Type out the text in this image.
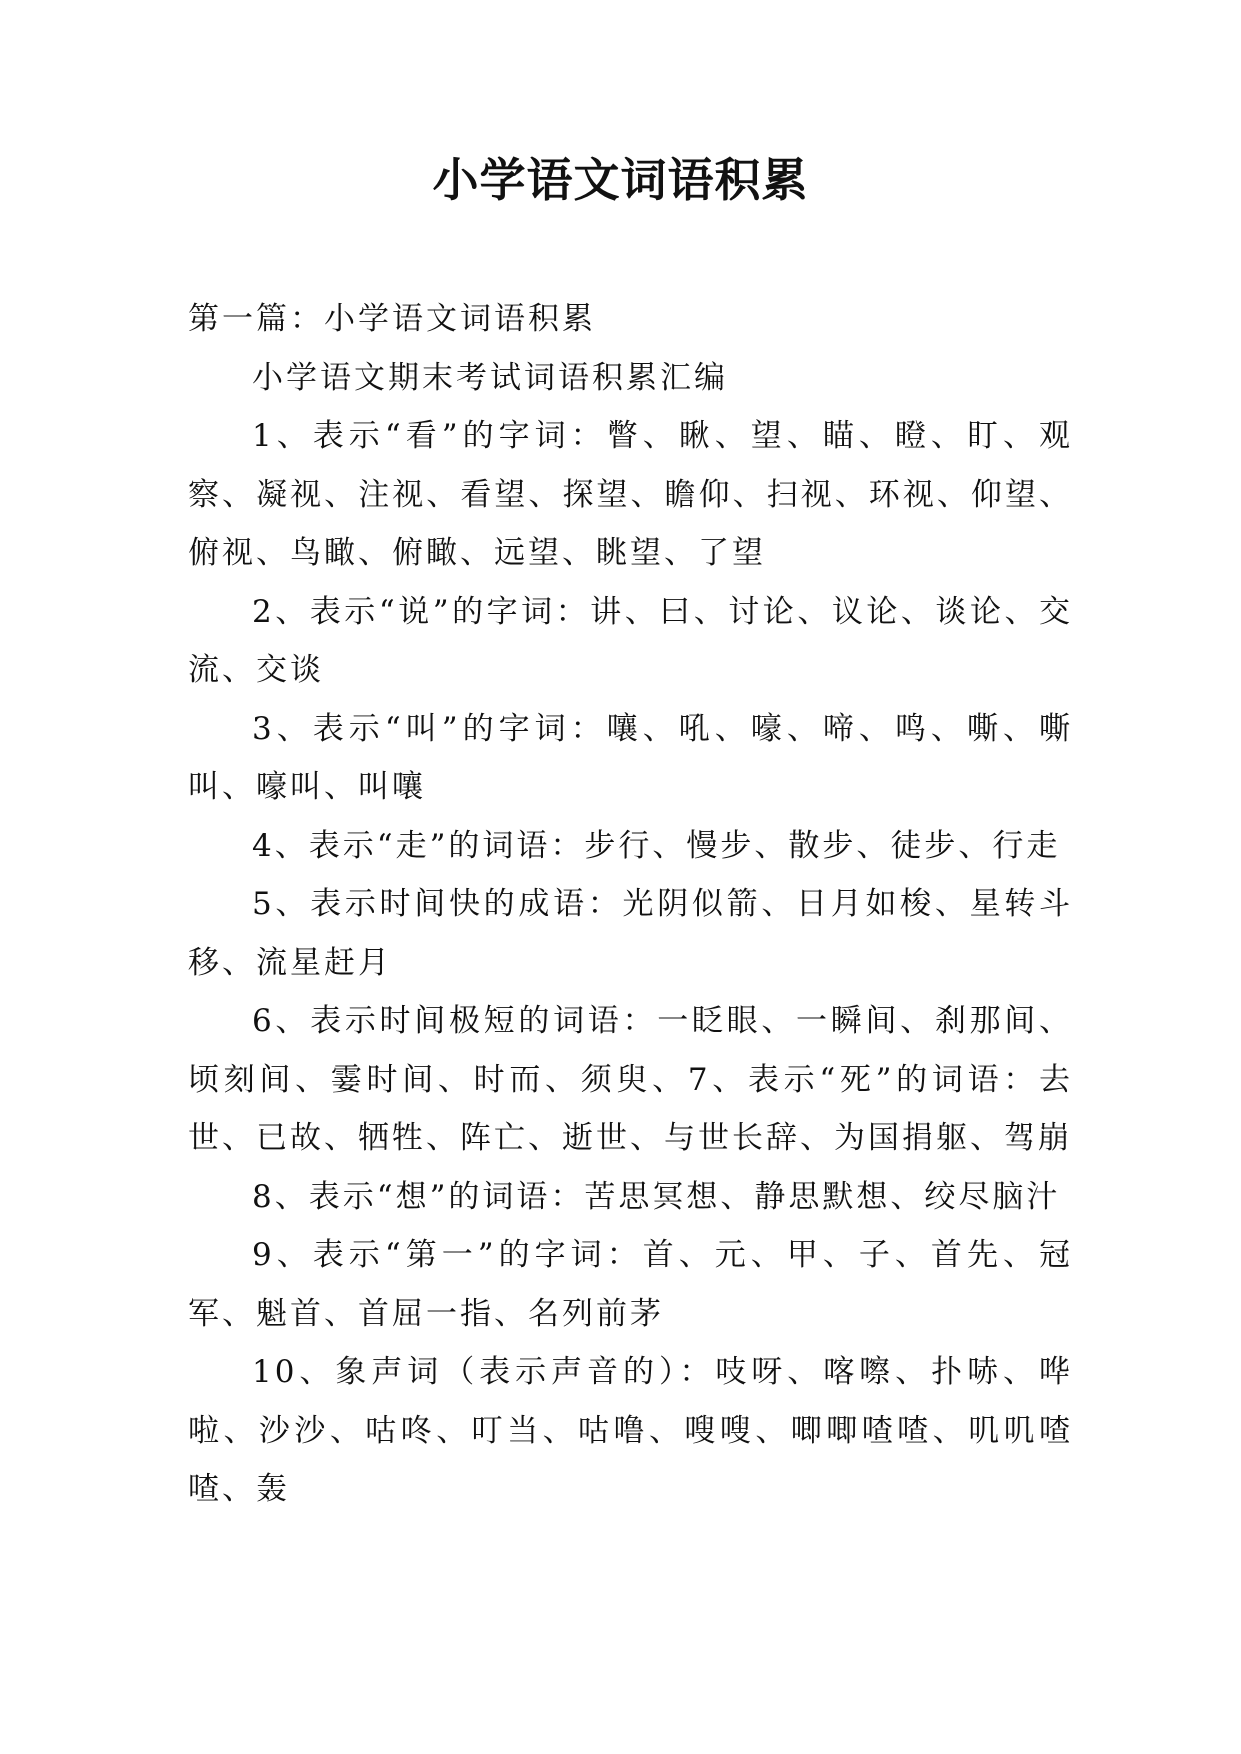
小学语文词语积累

第一篇：小学语文词语积累

小学语文期末考试词语积累汇编

1、表示“看”的字词：瞥、瞅、望、瞄、瞪、盯、观察、凝视、注视、看望、探望、瞻仰、扫视、环视、仰望、俯视、鸟瞰、俯瞰、远望、眺望、了望

2、表示“说”的字词：讲、曰、讨论、议论、谈论、交流、交谈

3、表示“叫”的字词：嚷、吼、嚎、啼、鸣、嘶、嘶叫、嚎叫、叫嚷

4、表示“走”的词语：步行、慢步、散步、徒步、行走

5、表示时间快的成语：光阴似箭、日月如梭、星转斗移、流星赶月

6、表示时间极短的词语：一眨眼、一瞬间、刹那间、顷刻间、霎时间、时而、须臾、7、表示“死”的词语：去世、已故、牺牲、阵亡、逝世、与世长辞、为国捐躯、驾崩

8、表示“想”的词语：苦思冥想、静思默想、绞尽脑汁

9、表示“第一”的字词：首、元、甲、子、首先、冠军、魁首、首屈一指、名列前茅

10、象声词（表示声音的）：吱呀、喀嚓、扑哧、哗啦、沙沙、咕咚、叮当、咕噜、嗖嗖、唧唧喳喳、叽叽喳喳、轰
